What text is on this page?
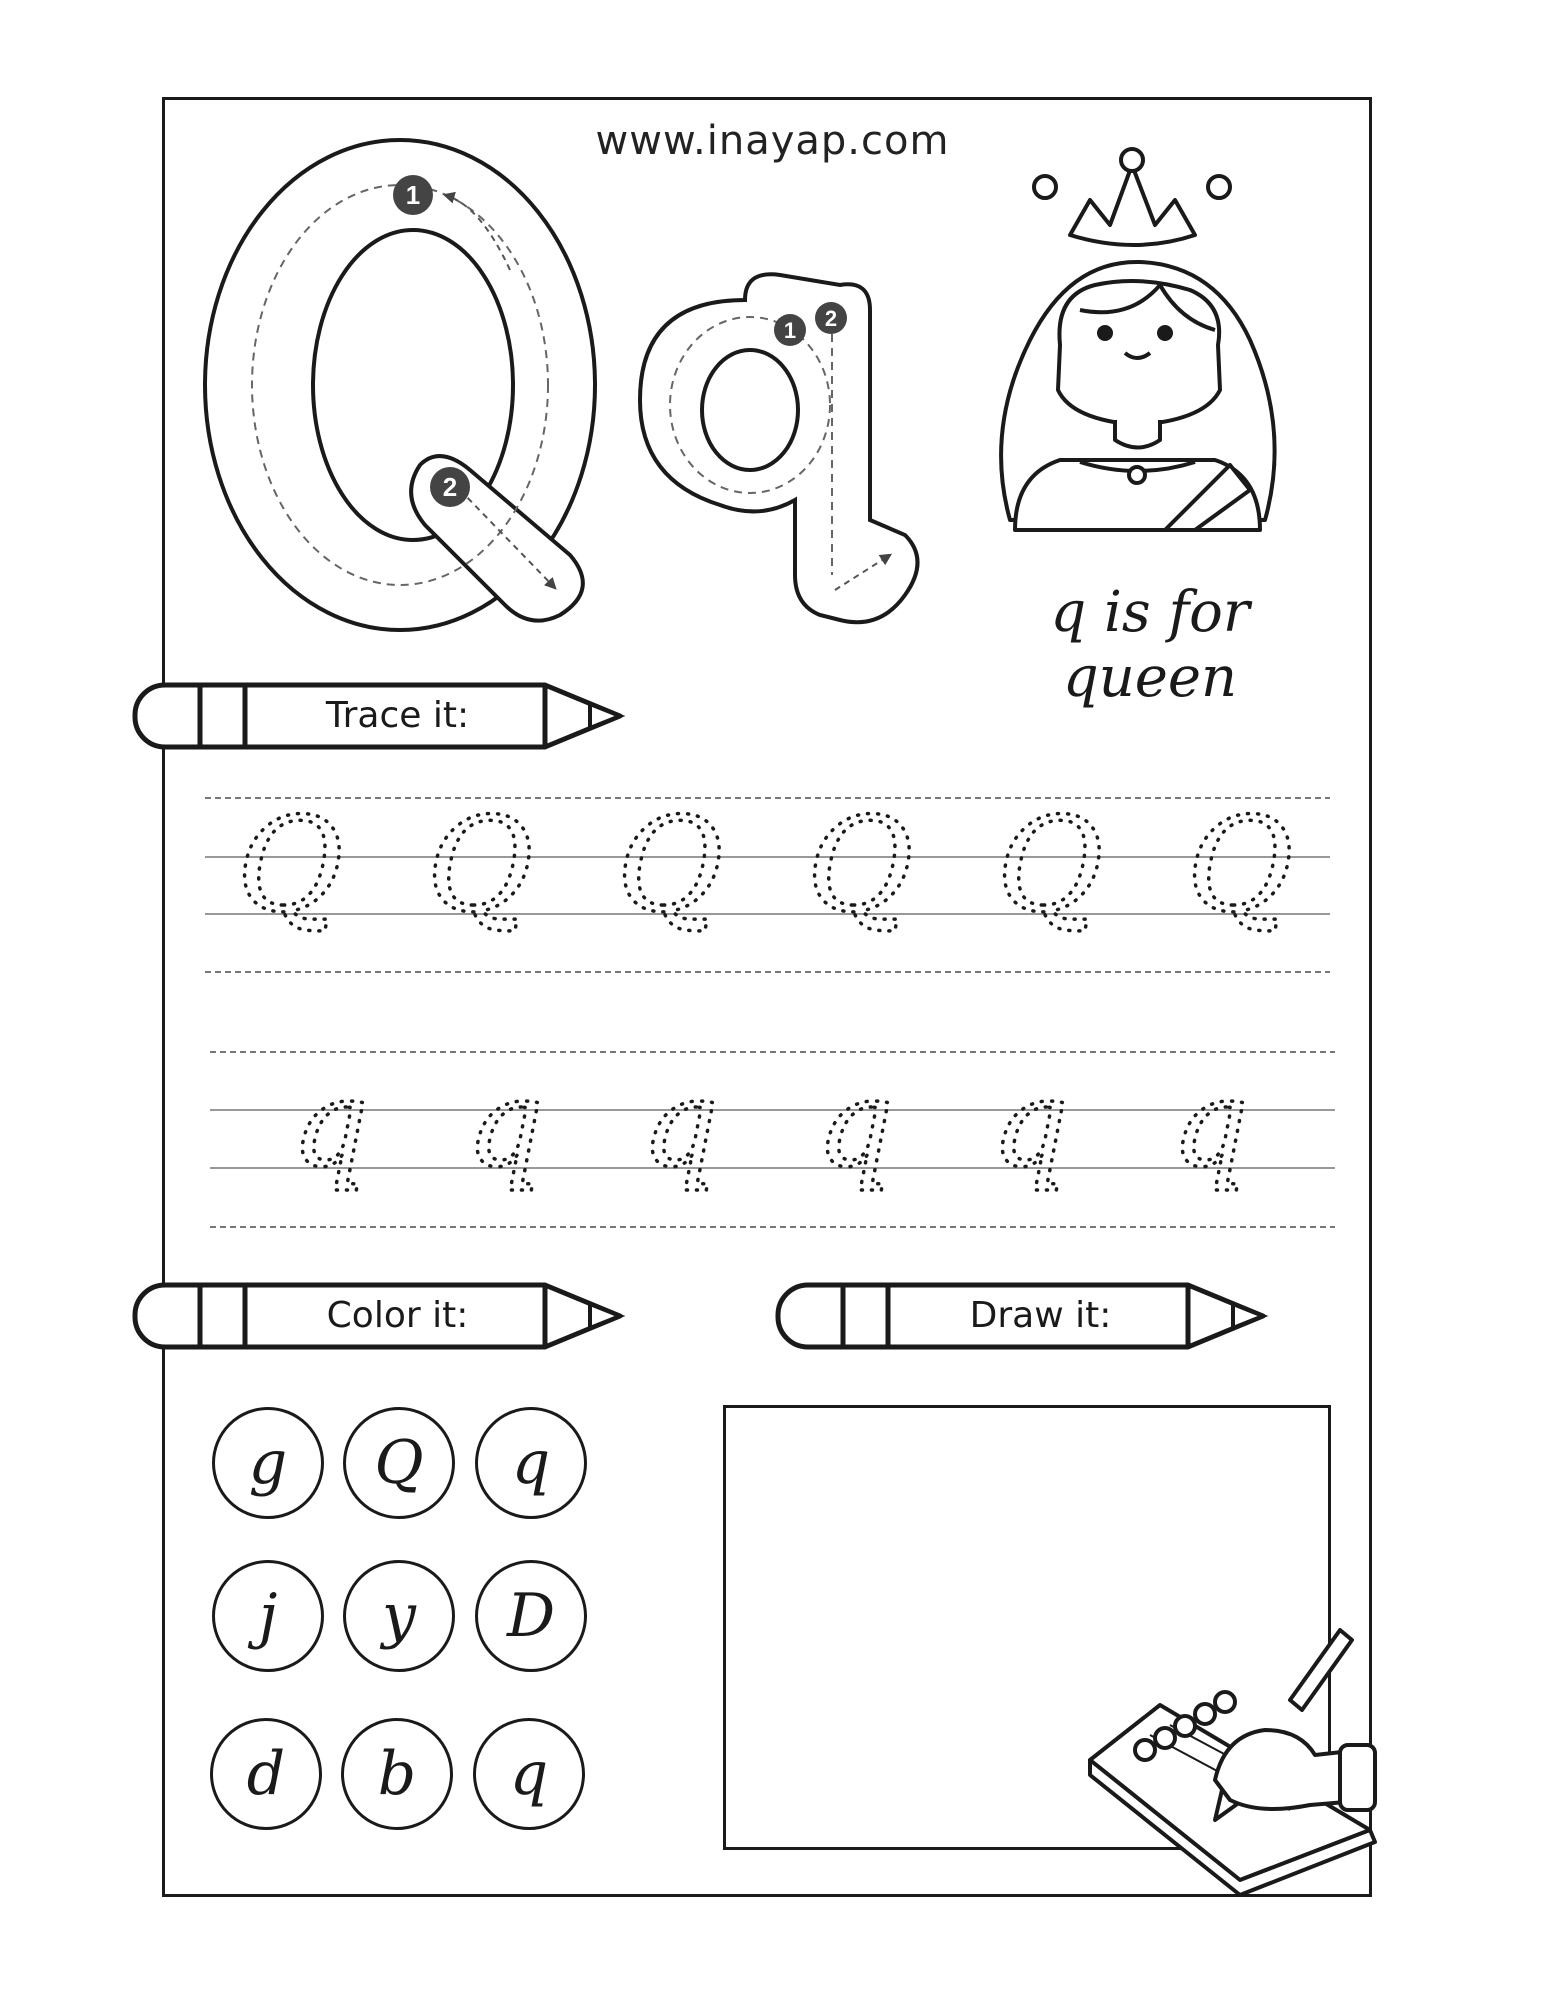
www.inayap.com
1
2
1 2
Q Q Q Q Q Q
q q q q q q
q is for queen
Trace it:
Color it:	Draw it:
g	Q	q
j	y	D
d	b	q
